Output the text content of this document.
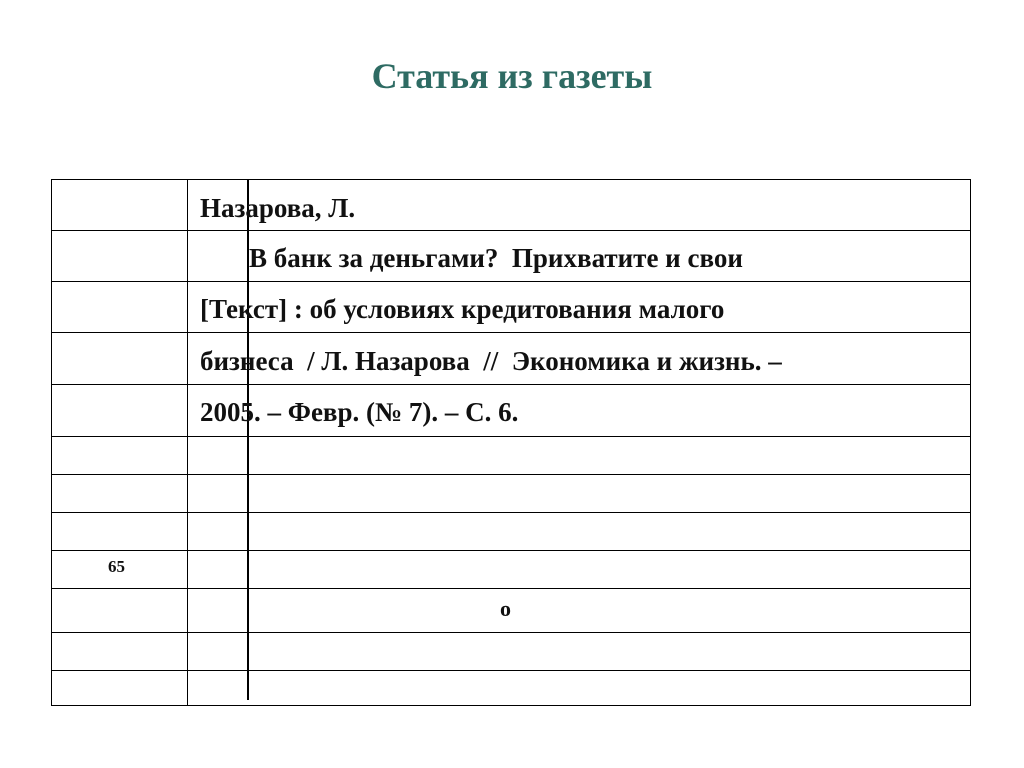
Статья из газеты
Назарова, Л.
В банк за деньгами?  Прихватите и свои
[Текст] : об условиях кредитования малого
бизнеса  / Л. Назарова  //  Экономика и жизнь. –
2005. – Февр. (№ 7). – С. 6.
65
о
